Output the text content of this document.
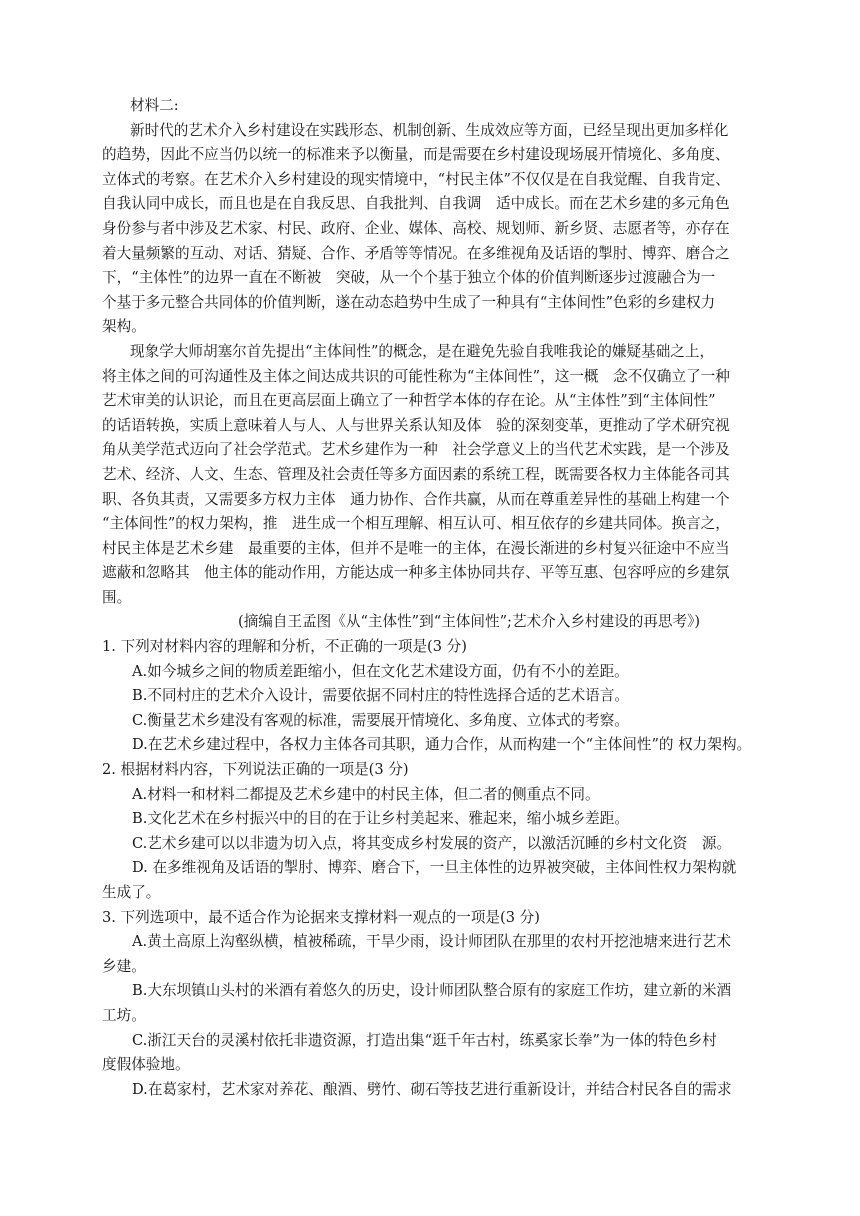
材料二:
新时代的艺术介入乡村建设在实践形态、机制创新、生成效应等方面，已经呈现出更加多样化
的趋势，因此不应当仍以统一的标准来予以衡量，而是需要在乡村建设现场展开情境化、多角度、
立体式的考察。在艺术介入乡村建设的现实情境中，“村民主体”不仅仅是在自我觉醒、自我肯定、
自我认同中成长，而且也是在自我反思、自我批判、自我调　适中成长。而在艺术乡建的多元角色
身份参与者中涉及艺术家、村民、政府、企业、媒体、高校、规划师、新乡贤、志愿者等，亦存在
着大量频繁的互动、对话、猜疑、合作、矛盾等等情况。在多维视角及话语的掣肘、博弈、磨合之
下，“主体性”的边界一直在不断被　突破，从一个个基于独立个体的价值判断逐步过渡融合为一
个基于多元整合共同体的价值判断，遂在动态趋势中生成了一种具有“主体间性”色彩的乡建权力
架构。
现象学大师胡塞尔首先提出“主体间性”的概念，是在避免先验自我唯我论的嫌疑基础之上，
将主体之间的可沟通性及主体之间达成共识的可能性称为“主体间性”，这一概　念不仅确立了一种
艺术审美的认识论，而且在更高层面上确立了一种哲学本体的存在论。从“主体性”到“主体间性”
的话语转换，实质上意味着人与人、人与世界关系认知及体　验的深刻变革，更推动了学术研究视
角从美学范式迈向了社会学范式。艺术乡建作为一种　社会学意义上的当代艺术实践，是一个涉及
艺术、经济、人文、生态、管理及社会责任等多方面因素的系统工程，既需要各权力主体能各司其
职、各负其责，又需要多方权力主体　通力协作、合作共赢，从而在尊重差异性的基础上构建一个
“主体间性”的权力架构，推　进生成一个相互理解、相互认可、相互依存的乡建共同体。换言之，
村民主体是艺术乡建　最重要的主体，但并不是唯一的主体，在漫长渐进的乡村复兴征途中不应当
遮蔽和忽略其　他主体的能动作用，方能达成一种多主体协同共存、平等互惠、包容呼应的乡建氛
围。
(摘编自王孟图《从“主体性”到“主体间性”;艺术介入乡村建设的再思考》)
1. 下列对材料内容的理解和分析，不正确的一项是(3 分)
A.如今城乡之间的物质差距缩小，但在文化艺术建设方面，仍有不小的差距。
B.不同村庄的艺术介入设计，需要依据不同村庄的特性选择合适的艺术语言。
C.衡量艺术乡建没有客观的标准，需要展开情境化、多角度、立体式的考察。
D.在艺术乡建过程中，各权力主体各司其职，通力合作，从而构建一个“主体间性”的 权力架构。
2. 根据材料内容，下列说法正确的一项是(3 分)
A.材料一和材料二都提及艺术乡建中的村民主体，但二者的侧重点不同。
B.文化艺术在乡村振兴中的目的在于让乡村美起来、雅起来，缩小城乡差距。
C.艺术乡建可以以非遗为切入点，将其变成乡村发展的资产，以激活沉睡的乡村文化资　源。
D. 在多维视角及话语的掣肘、博弈、磨合下，一旦主体性的边界被突破，主体间性权力架构就
生成了。
3. 下列选项中，最不适合作为论据来支撑材料一观点的一项是(3 分)
A.黄土高原上沟壑纵横，植被稀疏，干旱少雨，设计师团队在那里的农村开挖池塘来进行艺术
乡建。
B.大东坝镇山头村的米酒有着悠久的历史，设计师团队整合原有的家庭工作坊，建立新的米酒
工坊。
C.浙江天台的灵溪村依托非遗资源，打造出集“逛千年古村，练奚家长拳”为一体的特色乡村
度假体验地。
D.在葛家村，艺术家对养花、酿酒、劈竹、砌石等技艺进行重新设计，并结合村民各自的需求
